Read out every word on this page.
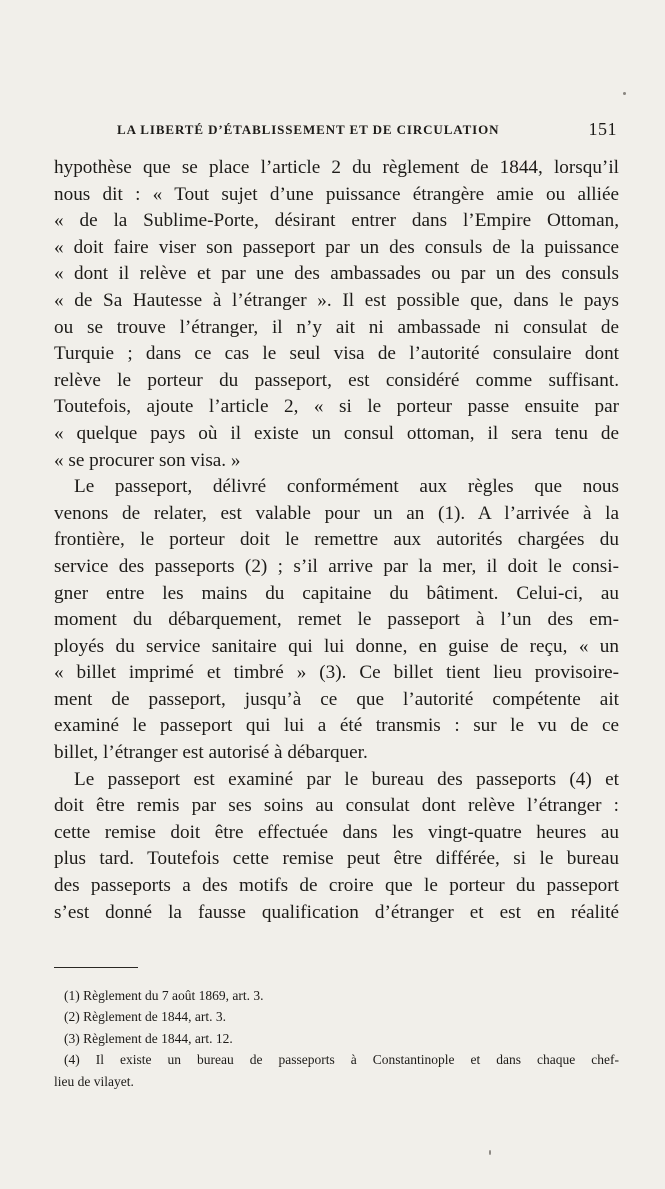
LA LIBERTÉ D’ÉTABLISSEMENT ET DE CIRCULATION	151
hypothèse que se place l’article 2 du règlement de 1844, lorsqu’il
nous dit : « Tout sujet d’une puissance étrangère amie ou alliée
« de la Sublime-Porte, désirant entrer dans l’Empire Ottoman,
« doit faire viser son passeport par un des consuls de la puissance
« dont il relève et par une des ambassades ou par un des consuls
« de Sa Hautesse à l’étranger ». Il est possible que, dans le pays
ou se trouve l’étranger, il n’y ait ni ambassade ni consulat de
Turquie ; dans ce cas le seul visa de l’autorité consulaire dont
relève le porteur du passeport, est considéré comme suffisant.
Toutefois, ajoute l’article 2, « si le porteur passe ensuite par
« quelque pays où il existe un consul ottoman, il sera tenu de
« se procurer son visa. »
Le passeport, délivré conformément aux règles que nous
venons de relater, est valable pour un an (1). A l’arrivée à la
frontière, le porteur doit le remettre aux autorités chargées du
service des passeports (2) ; s’il arrive par la mer, il doit le consi-
gner entre les mains du capitaine du bâtiment. Celui-ci, au
moment du débarquement, remet le passeport à l’un des em-
ployés du service sanitaire qui lui donne, en guise de reçu, « un
« billet imprimé et timbré » (3). Ce billet tient lieu provisoire-
ment de passeport, jusqu’à ce que l’autorité compétente ait
examiné le passeport qui lui a été transmis : sur le vu de ce
billet, l’étranger est autorisé à débarquer.
Le passeport est examiné par le bureau des passeports (4) et
doit être remis par ses soins au consulat dont relève l’étranger :
cette remise doit être effectuée dans les vingt-quatre heures au
plus tard. Toutefois cette remise peut être différée, si le bureau
des passeports a des motifs de croire que le porteur du passeport
s’est donné la fausse qualification d’étranger et est en réalité
(1) Règlement du 7 août 1869, art. 3.
(2) Règlement de 1844, art. 3.
(3) Règlement de 1844, art. 12.
(4) Il existe un bureau de passeports à Constantinople et dans chaque chef-
lieu de vilayet.
